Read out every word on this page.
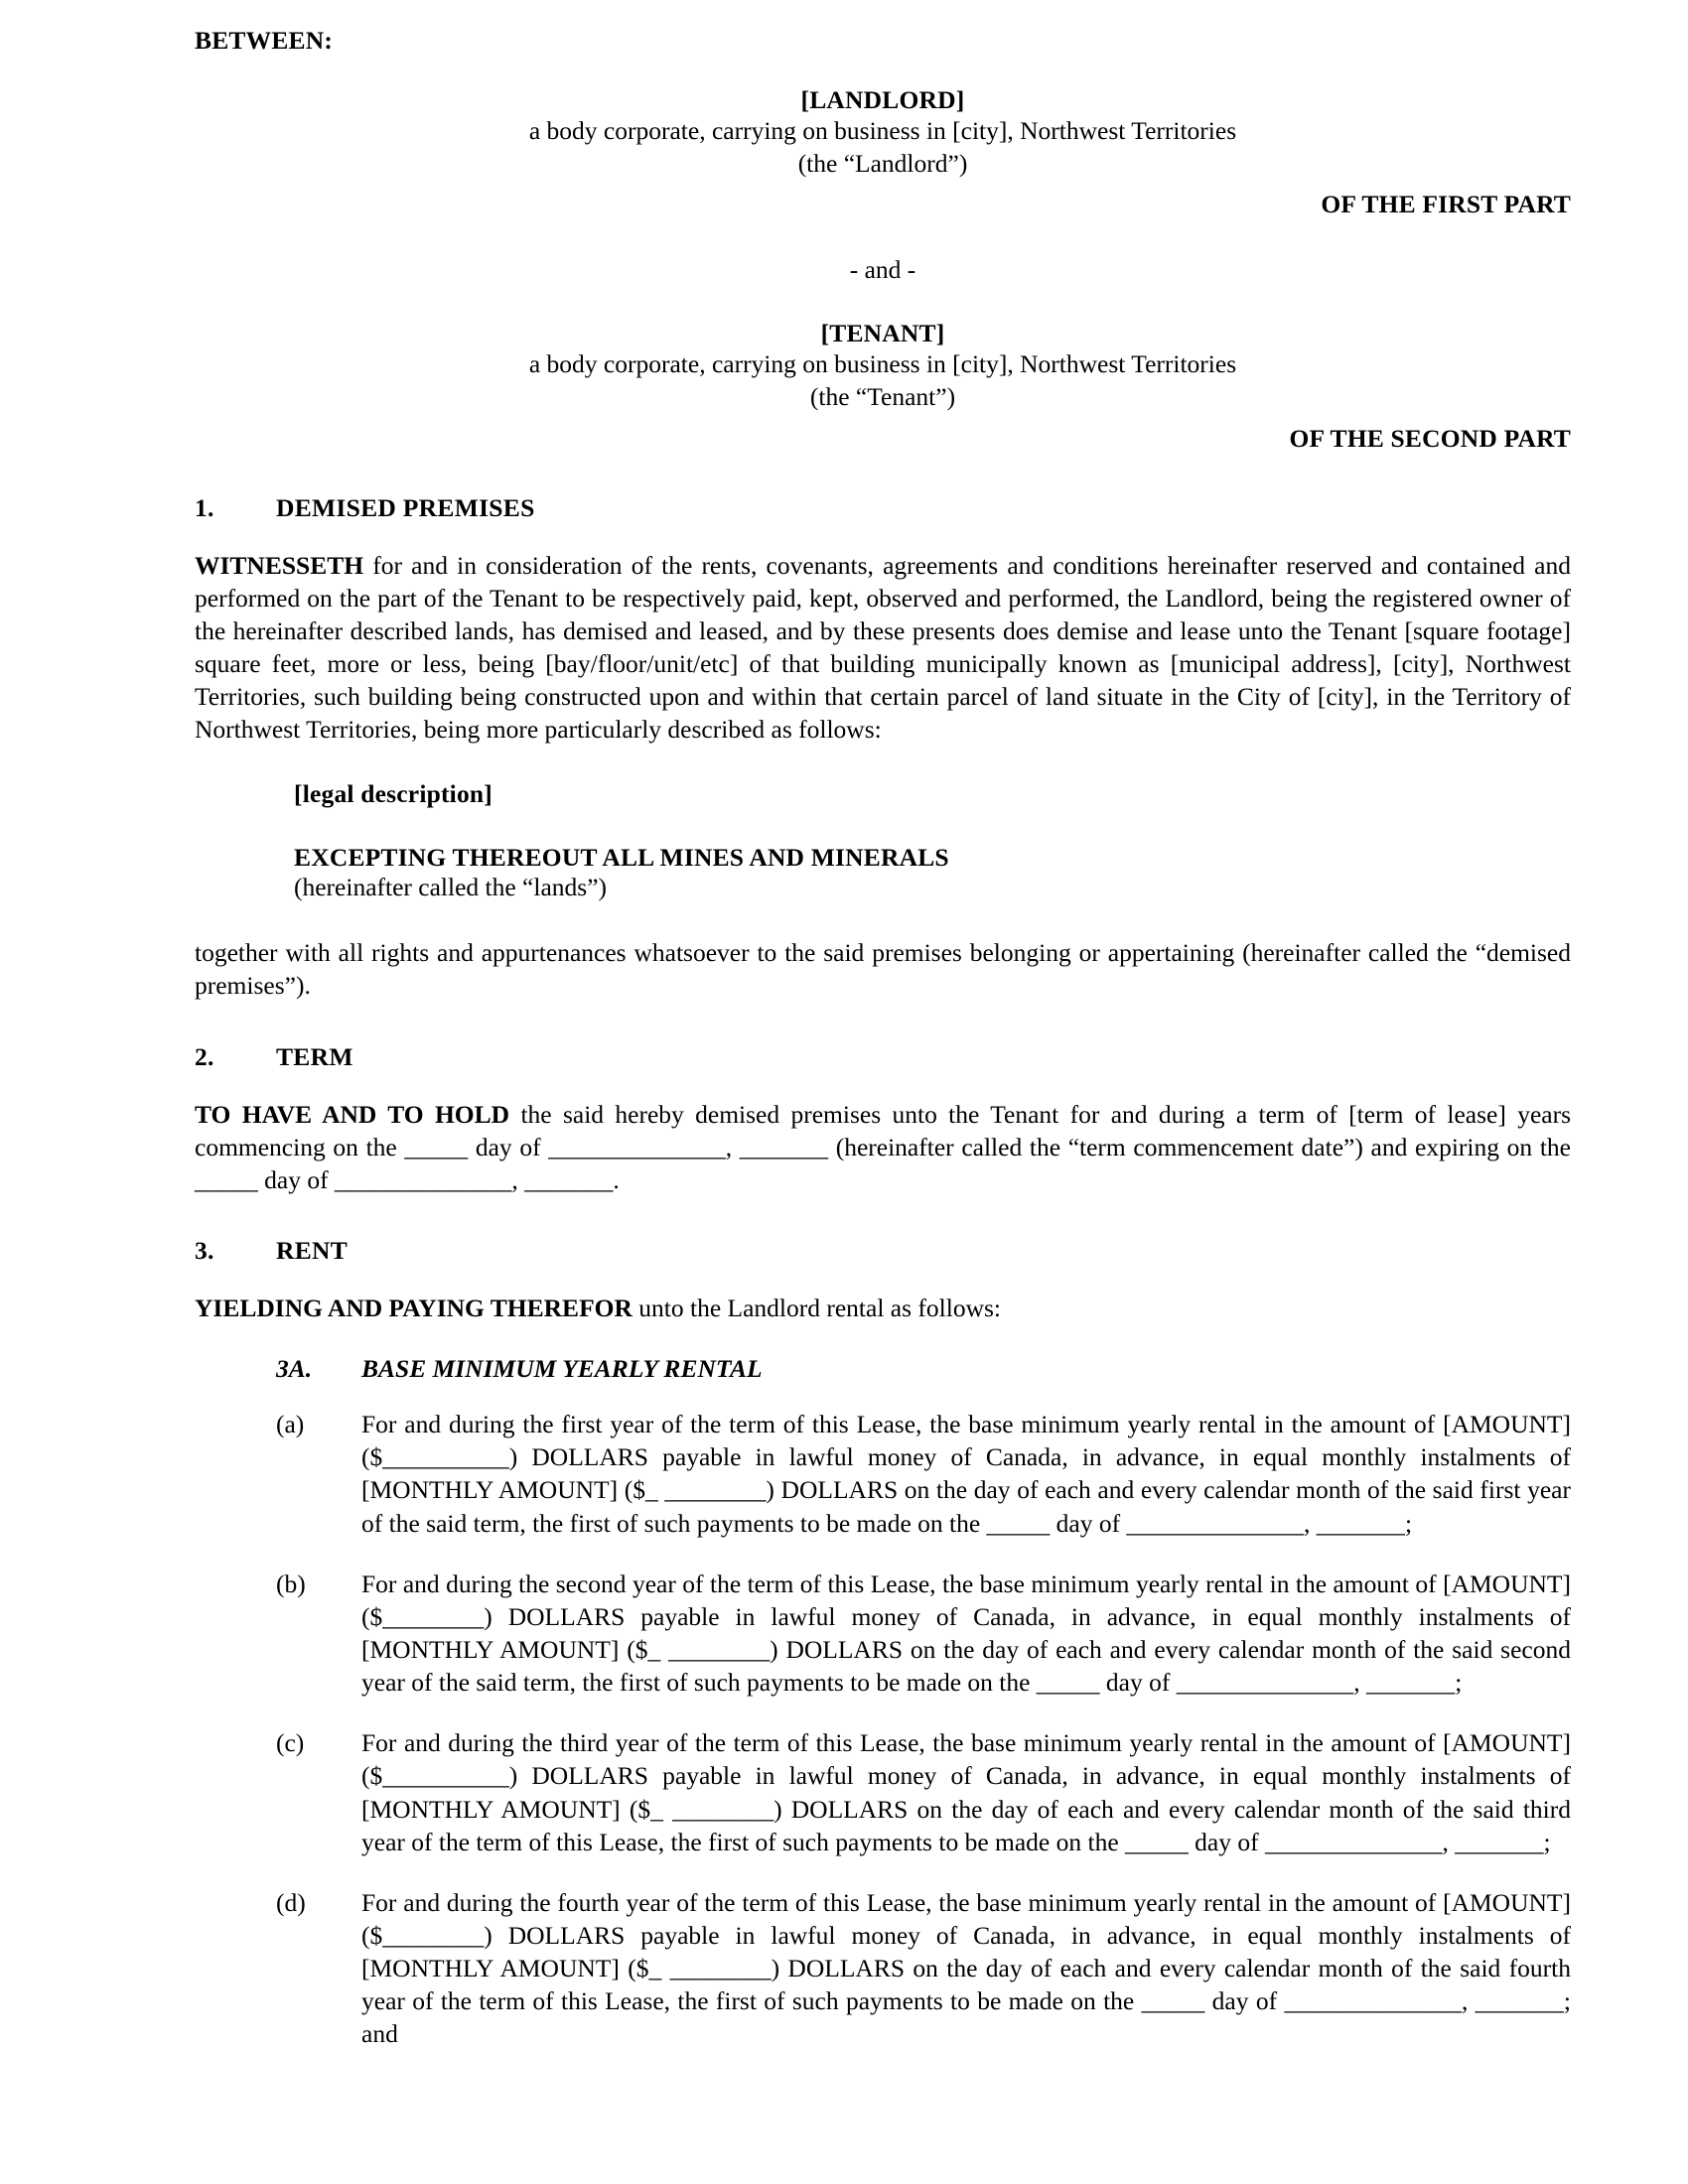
BETWEEN:
[LANDLORD]
a body corporate, carrying on business in [city], Northwest Territories
(the “Landlord”)
OF THE FIRST PART
- and -
[TENANT]
a body corporate, carrying on business in [city], Northwest Territories
(the “Tenant”)
OF THE SECOND PART
1.	DEMISED PREMISES

WITNESSETH for and in consideration of the rents, covenants, agreements and conditions hereinafter reserved and contained and performed on the part of the Tenant to be respectively paid, kept, observed and performed, the Landlord, being the registered owner of the hereinafter described lands, has demised and leased, and by these presents does demise and lease unto the Tenant [square footage] square feet, more or less, being [bay/floor/unit/etc] of that building municipally known as [municipal address], [city], Northwest Territories, such building being constructed upon and within that certain parcel of land situate in the City of [city], in the Territory of Northwest Territories, being more particularly described as follows:

[legal description]
EXCEPTING THEREOUT ALL MINES AND MINERALS
(hereinafter called the “lands”)

together with all rights and appurtenances whatsoever to the said premises belonging or appertaining (hereinafter called the “demised premises”).

2.	TERM

TO HAVE AND TO HOLD the said hereby demised premises unto the Tenant for and during a term of [term of lease] years commencing on the _____ day of ______________, _______ (hereinafter called the “term commencement date”) and expiring on the _____ day of ______________, _______.

3.	RENT

YIELDING AND PAYING THEREFOR unto the Landlord rental as follows:

3A.	BASE MINIMUM YEARLY RENTAL
(a)	For and during the first year of the term of this Lease, the base minimum yearly rental in the amount of [AMOUNT] ($__________) DOLLARS payable in lawful money of Canada, in advance, in equal monthly instalments of [MONTHLY AMOUNT] ($_ ________) DOLLARS on the day of each and every calendar month of the said first year of the said term, the first of such payments to be made on the _____ day of ______________, _______;
(b)	For and during the second year of the term of this Lease, the base minimum yearly rental in the amount of [AMOUNT] ($________) DOLLARS payable in lawful money of Canada, in advance, in equal monthly instalments of [MONTHLY AMOUNT] ($_ ________) DOLLARS on the day of each and every calendar month of the said second year of the said term, the first of such payments to be made on the _____ day of ______________, _______;
(c)	For and during the third year of the term of this Lease, the base minimum yearly rental in the amount of [AMOUNT] ($__________) DOLLARS payable in lawful money of Canada, in advance, in equal monthly instalments of [MONTHLY AMOUNT] ($_ ________) DOLLARS on the day of each and every calendar month of the said third year of the term of this Lease, the first of such payments to be made on the _____ day of ______________, _______;
(d)	For and during the fourth year of the term of this Lease, the base minimum yearly rental in the amount of [AMOUNT] ($________) DOLLARS payable in lawful money of Canada, in advance, in equal monthly instalments of [MONTHLY AMOUNT] ($_ ________) DOLLARS on the day of each and every calendar month of the said fourth year of the term of this Lease, the first of such payments to be made on the _____ day of ______________, _______; and
